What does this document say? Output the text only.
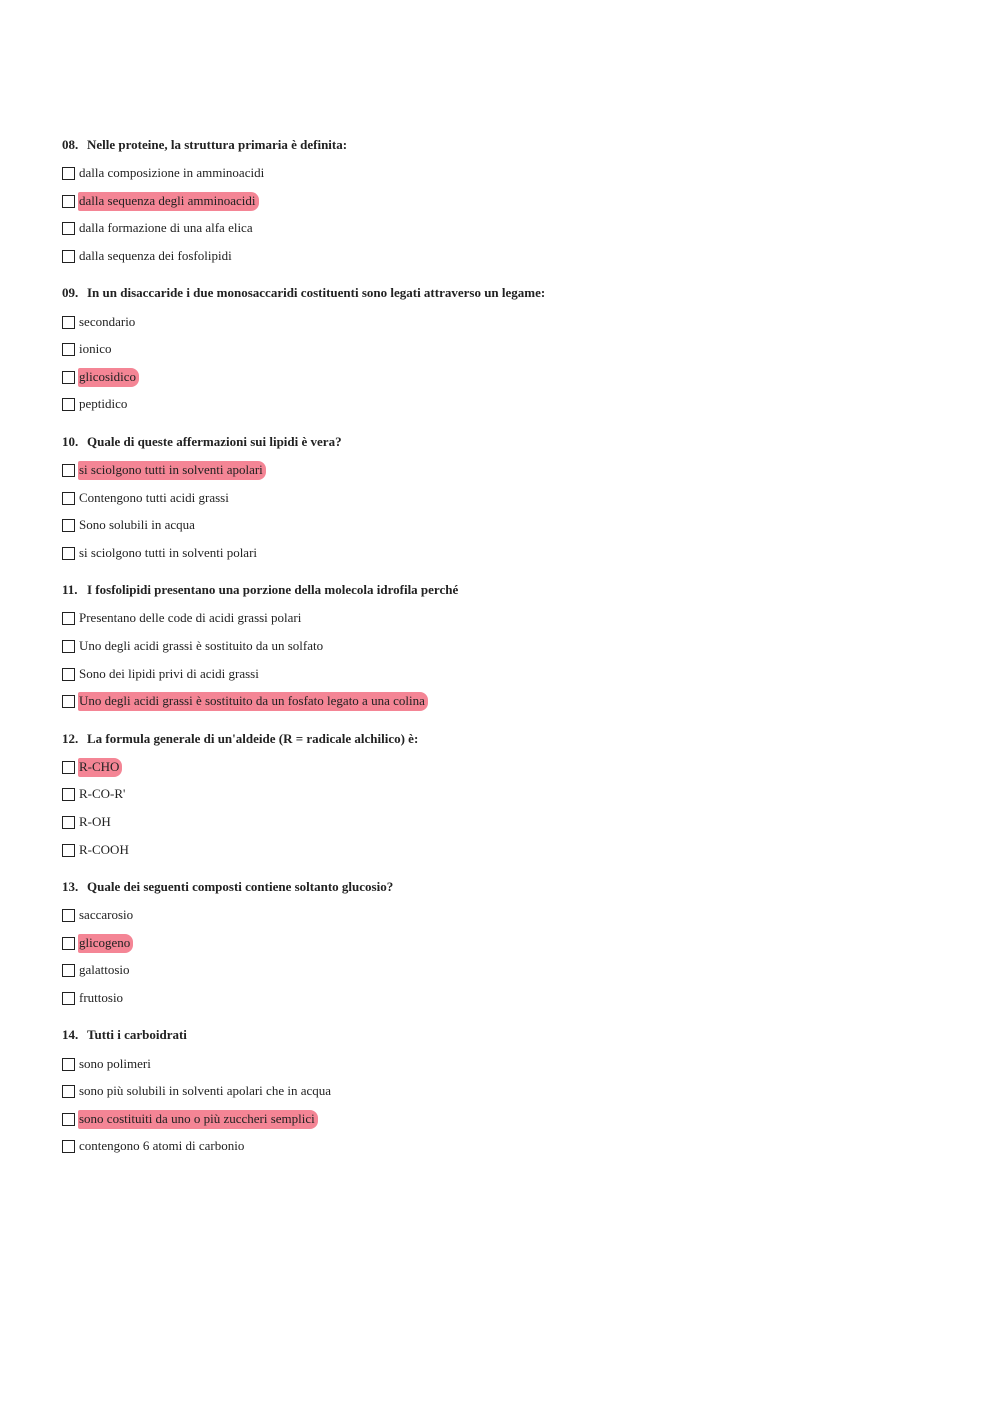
08. Nelle proteine, la struttura primaria è definita:
dalla composizione in amminoacidi
dalla sequenza degli amminoacidi
dalla formazione di una alfa elica
dalla sequenza dei fosfolipidi
09. In un disaccaride i due monosaccaridi costituenti sono legati attraverso un legame:
secondario
ionico
glicosidico
peptidico
10. Quale di queste affermazioni sui lipidi è vera?
si sciolgono tutti in solventi apolari
Contengono tutti acidi grassi
Sono solubili in acqua
si sciolgono tutti in solventi polari
11. I fosfolipidi presentano una porzione della molecola idrofila perché
Presentano delle code di acidi grassi polari
Uno degli acidi grassi è sostituito da un solfato
Sono dei lipidi privi di acidi grassi
Uno degli acidi grassi è sostituito da un fosfato legato a una colina
12. La formula generale di un'aldeide (R = radicale alchilico) è:
R-CHO
R-CO-R'
R-OH
R-COOH
13. Quale dei seguenti composti contiene soltanto glucosio?
saccarosio
glicogeno
galattosio
fruttosio
14. Tutti i carboidrati
sono polimeri
sono più solubili in solventi apolari che in acqua
sono costituiti da uno o più zuccheri semplici
contengono 6 atomi di carbonio
